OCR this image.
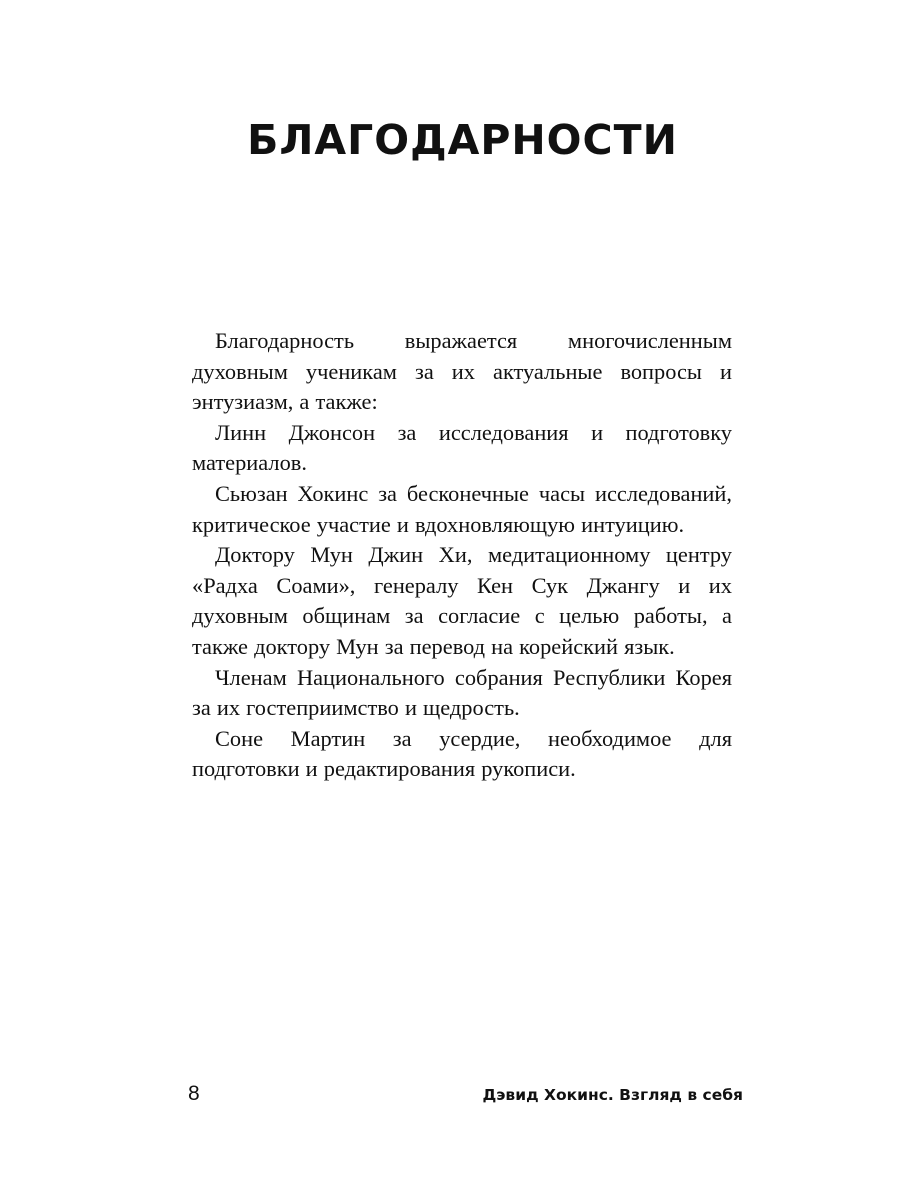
БЛАГОДАРНОСТИ

Благодарность выражается многочисленным духовным ученикам за их актуальные вопросы и энтузиазм, а также:

Линн Джонсон за исследования и подготовку материалов.

Сьюзан Хокинс за бесконечные часы исследований, критическое участие и вдохновляющую интуицию.

Доктору Мун Джин Хи, медитационному центру «Радха Соами», генералу Кен Сук Джангу и их духовным общинам за согласие с целью работы, а также доктору Мун за перевод на корейский язык.

Членам Национального собрания Республики Корея за их гостеприимство и щедрость.

Соне Мартин за усердие, необходимое для подготовки и редактирования рукописи.

8	Дэвид Хокинс. Взгляд в себя
